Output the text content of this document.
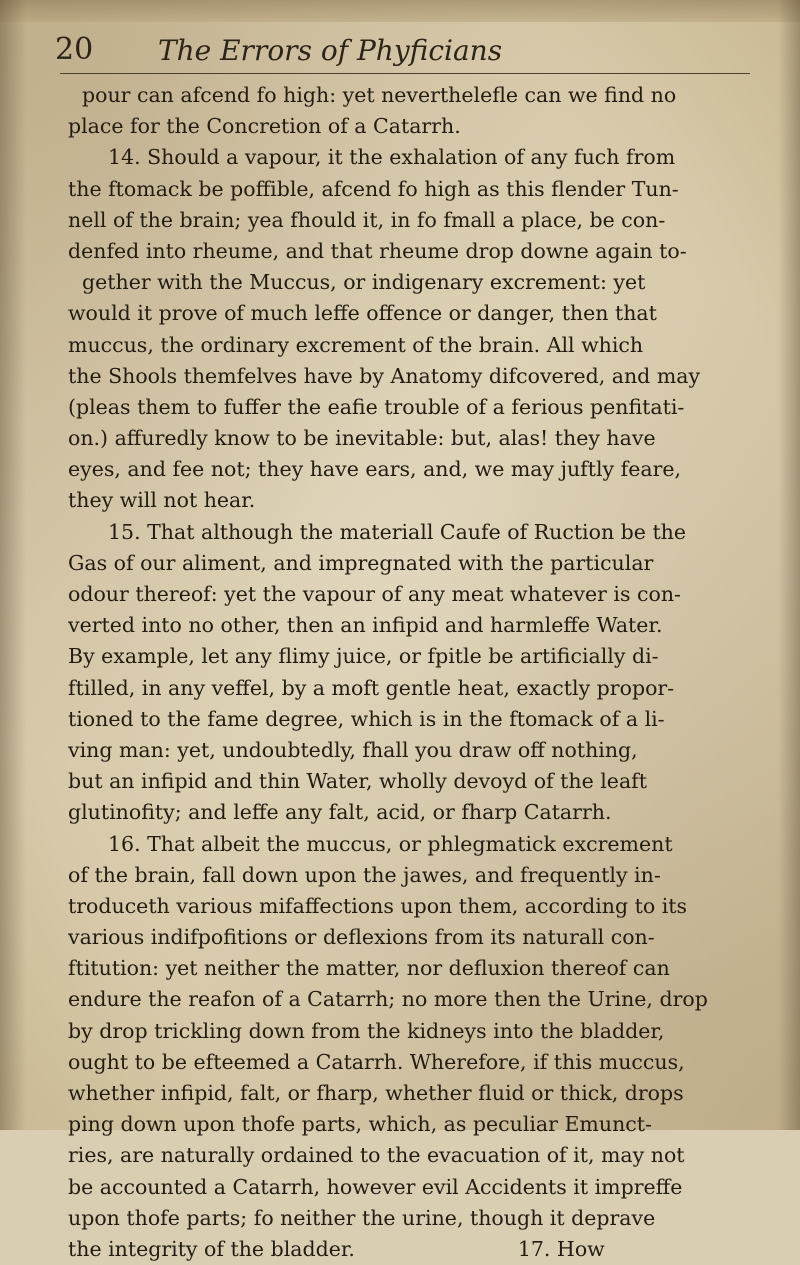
20	The Errors of Phyficians

pour can afcend fo high: yet neverthelefle can we find no
place for the Concretion of a Catarrh.
14. Should a vapour, it the exhalation of any fuch from
the ftomack be poffible, afcend fo high as this flender Tun-
nell of the brain; yea fhould it, in fo fmall a place, be con-
denfed into rheume, and that rheume drop downe again to-
gether with the Muccus, or indigenary excrement: yet
would it prove of much leffe offence or danger, then that
muccus, the ordinary excrement of the brain. All which
the Shools themfelves have by Anatomy difcovered, and may
(pleas them to fuffer the eafie trouble of a ferious penfitati-
on.) affuredly know to be inevitable: but, alas! they have
eyes, and fee not; they have ears, and, we may juftly feare,
they will not hear.
15. That although the materiall Caufe of Ruction be the
Gas of our aliment, and impregnated with the particular
odour thereof: yet the vapour of any meat whatever is con-
verted into no other, then an infipid and harmleffe Water.
By example, let any flimy juice, or fpitle be artificially di-
ftilled, in any veffel, by a moft gentle heat, exactly propor-
tioned to the fame degree, which is in the ftomack of a li-
ving man: yet, undoubtedly, fhall you draw off nothing,
but an infipid and thin Water, wholly devoyd of the leaft
glutinofity; and leffe any falt, acid, or fharp Catarrh.
16. That albeit the muccus, or phlegmatick excrement
of the brain, fall down upon the jawes, and frequently in-
troduceth various mifaffections upon them, according to its
various indifpofitions or deflexions from its naturall con-
ftitution: yet neither the matter, nor defluxion thereof can
endure the reafon of a Catarrh; no more then the Urine, drop
by drop trickling down from the kidneys into the bladder,
ought to be efteemed a Catarrh. Wherefore, if this muccus,
whether infipid, falt, or fharp, whether fluid or thick, drops
ping down upon thofe parts, which, as peculiar Emunct-
ries, are naturally ordained to the evacuation of it, may not
be accounted a Catarrh, however evil Accidents it impreffe
upon thofe parts; fo neither the urine, though it deprave
the integrity of the bladder.                         17. How
